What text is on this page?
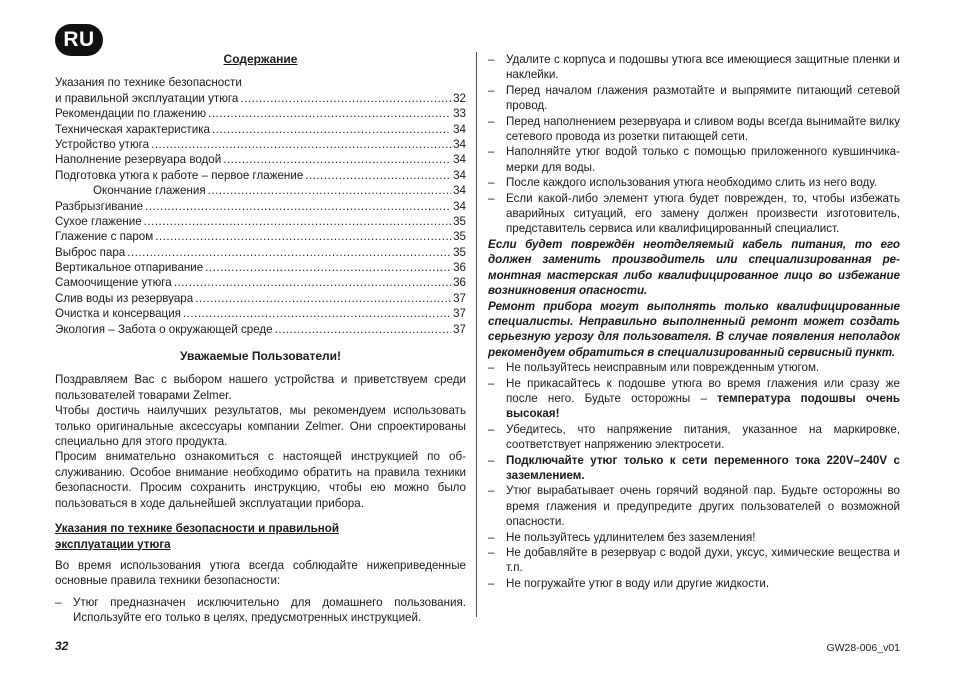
RU
Содержание
Указания по технике безопасности
и правильной эксплуатации утюга .....	32
Рекомендации по глажению .....	33
Техническая характеристика .....	34
Устройство утюга .....	34
Наполнение резервуара водой .....	34
Подготовка утюга к работе – первое глажение .....	34
Окончание глажения .....	34
Разбрызгивание .....	34
Сухое глажение .....	35
Глажение с паром .....	35
Выброс пара .....	35
Вертикальное отпаривание .....	36
Самоочищение утюга .....	36
Слив воды из резервуара .....	37
Очистка и консервация .....	37
Экология – Забота о окружающей среде .....	37
Уважаемые Пользователи!

Поздравляем Вас с выбором нашего устройства и приветствуем среди пользователей товарами Zelmer.

Чтобы достичь наилучших результатов, мы рекомендуем использовать только оригинальные аксессуары компании Zelmer. Они спроектированы специально для этого продукта.

Просим внимательно ознакомиться с настоящей инструкцией по обслуживанию. Особое внимание необходимо обратить на правила техники безопасности. Просим сохранить инструкцию, чтобы ею можно было пользоваться в ходе дальнейшей эксплуатации прибора.

Указания по технике безопасности и правильной
эксплуатации утюга

Во время использования утюга всегда соблюдайте нижеприведенные основные правила техники безопасности:

– Утюг предназначен исключительно для домашнего пользования. Используйте его только в целях, предусмотренных инструкцией.
– Удалите с корпуса и подошвы утюга все имеющиеся защитные пленки и наклейки.
– Перед началом глажения размотайте и выпрямите питающий сетевой провод.
– Перед наполнением резервуара и сливом воды всегда вынимайте вилку сетевого провода из розетки питающей сети.
– Наполняйте утюг водой только с помощью приложенного кувшинчика-мерки для воды.
– После каждого использования утюга необходимо слить из него воду.
– Если какой-либо элемент утюга будет поврежден, то, чтобы избежать аварийных ситуаций, его замену должен произвести изготовитель, представитель сервиса или квалифицированный специалист.

Если будет повреждён неотделяемый кабель питания, то его должен заменить производитель или специализированная ремонтная мастерская либо квалифицированное лицо во избежание возникновения опасности.

Ремонт прибора могут выполнять только квалифицированные специалисты. Неправильно выполненный ремонт может создать серьезную угрозу для пользователя. В случае появления неполадок рекомендуем обратиться в специализированный сервисный пункт.

– Не пользуйтесь неисправным или поврежденным утюгом.
– Не прикасайтесь к подошве утюга во время глажения или сразу же после него. Будьте осторожны – температура подошвы очень высокая!
– Убедитесь, что напряжение питания, указанное на маркировке, соответствует напряжению электросети.
– Подключайте утюг только к сети переменного тока 220V–240V с заземлением.
– Утюг вырабатывает очень горячий водяной пар. Будьте осторожны во время глажения и предупредите других пользователей о возможной опасности.
– Не пользуйтесь удлинителем без заземления!
– Не добавляйте в резервуар с водой духи, уксус, химические вещества и т.п.
– Не погружайте утюг в воду или другие жидкости.
32	GW28-006_v01
